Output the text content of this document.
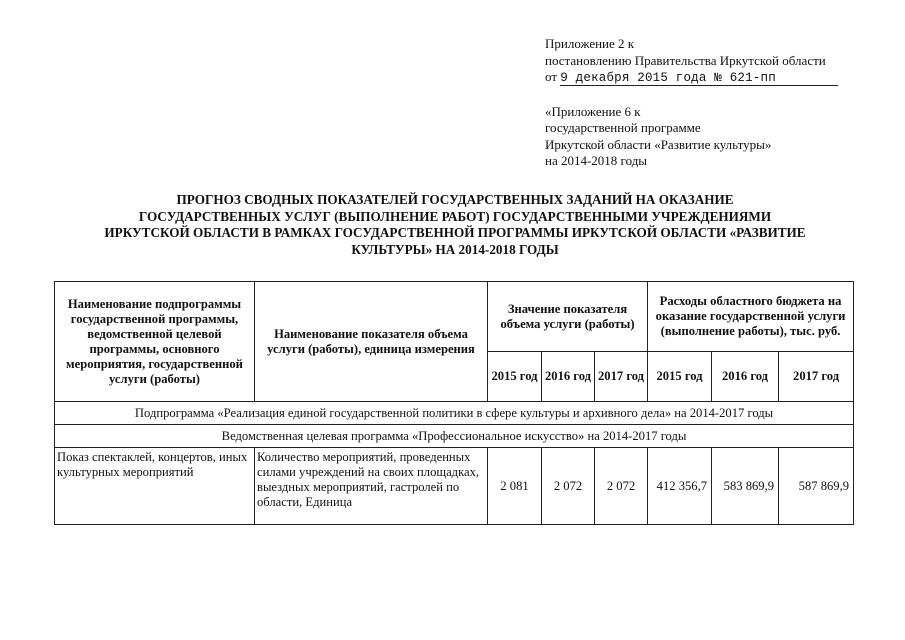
Приложение 2 к
постановлению Правительства Иркутской области
от 9 декабря 2015 года № 621-пп
«Приложение 6 к
государственной программе
Иркутской области «Развитие культуры»
на 2014-2018 годы
ПРОГНОЗ СВОДНЫХ ПОКАЗАТЕЛЕЙ ГОСУДАРСТВЕННЫХ ЗАДАНИЙ НА ОКАЗАНИЕ
ГОСУДАРСТВЕННЫХ УСЛУГ (ВЫПОЛНЕНИЕ РАБОТ) ГОСУДАРСТВЕННЫМИ УЧРЕЖДЕНИЯМИ
ИРКУТСКОЙ ОБЛАСТИ В РАМКАХ ГОСУДАРСТВЕННОЙ ПРОГРАММЫ ИРКУТСКОЙ ОБЛАСТИ «РАЗВИТИЕ
КУЛЬТУРЫ» НА 2014-2018 ГОДЫ
Наименование подпрограммы государственной программы, ведомственной целевой программы, основного мероприятия, государственной услуги (работы)	Наименование показателя объема услуги (работы), единица измерения	Значение показателя объема услуги (работы)			Расходы областного бюджета на оказание государственной услуги (выполнение работы), тыс. руб.		
		2015 год	2016 год	2017 год	2015 год	2016 год	2017 год
Подпрограмма «Реализация единой государственной политики в сфере культуры и архивного дела» на 2014-2017 годы							
Ведомственная целевая программа «Профессиональное искусство» на 2014-2017 годы							
Показ спектаклей, концертов, иных культурных мероприятий	Количество мероприятий, проведенных силами учреждений на своих площадках, выездных мероприятий, гастролей по области, Единица	2 081	2 072	2 072	412 356,7	583 869,9	587 869,9
